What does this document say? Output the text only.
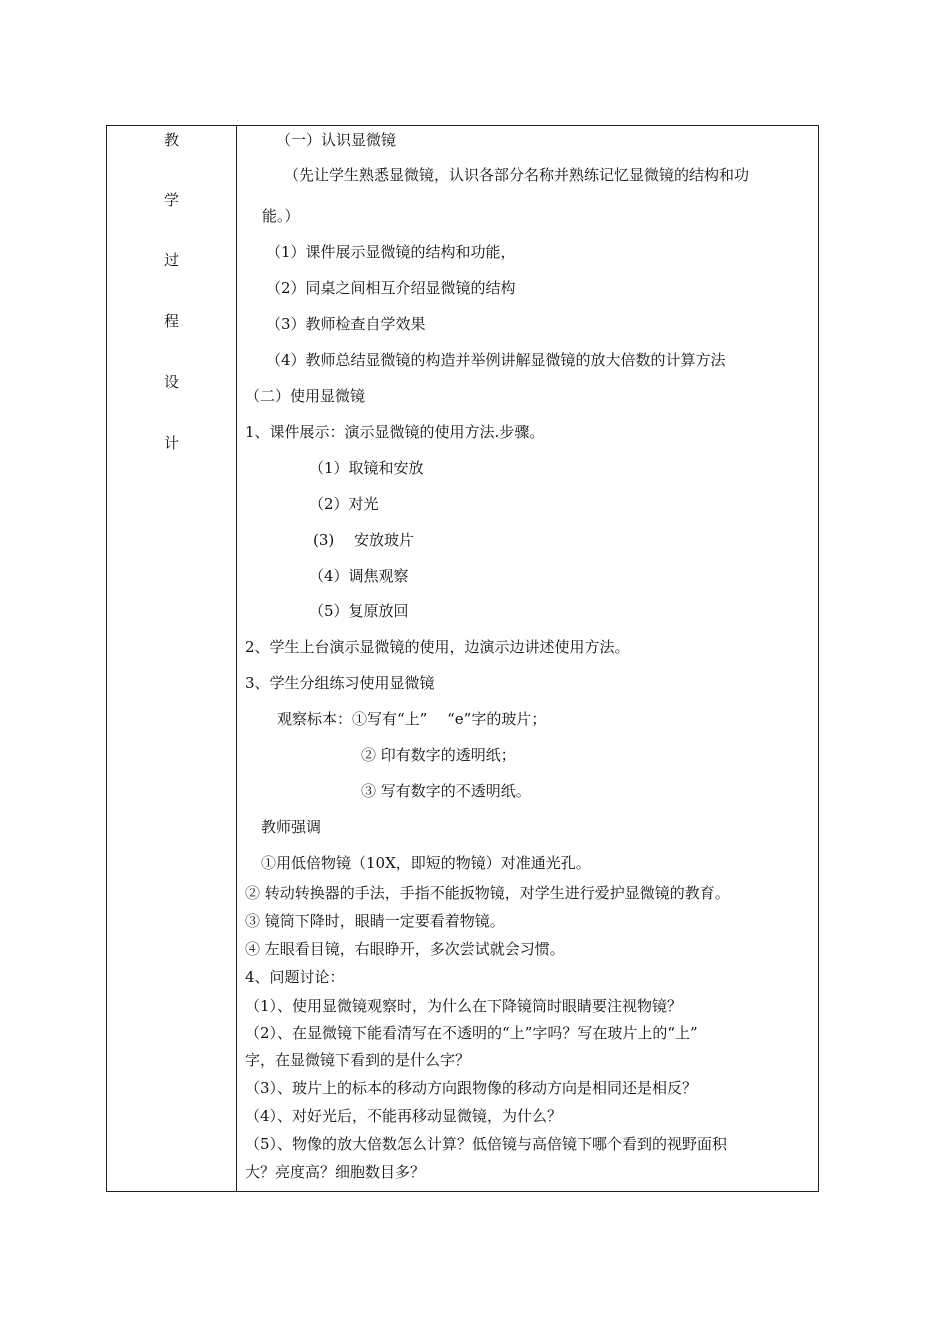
教
学
过
程
设
计
（一）认识显微镜
（先让学生熟悉显微镜，认识各部分名称并熟练记忆显微镜的结构和功
能。）
（1）课件展示显微镜的结构和功能，
（2）同桌之间相互介绍显微镜的结构
（3）教师检查自学效果
（4）教师总结显微镜的构造并举例讲解显微镜的放大倍数的计算方法
（二）使用显微镜
1、课件展示：演示显微镜的使用方法.步骤。
（1）取镜和安放
（2）对光
(3)　 安放玻片
（4）调焦观察
（5）复原放回
2、学生上台演示显微镜的使用，边演示边讲述使用方法。
3、学生分组练习使用显微镜
观察标本：①写有“上”　 “e”字的玻片；
② 印有数字的透明纸；
③ 写有数字的不透明纸。
教师强调
①用低倍物镜（10X，即短的物镜）对准通光孔。
② 转动转换器的手法，手指不能扳物镜，对学生进行爱护显微镜的教育。
③ 镜筒下降时，眼睛一定要看着物镜。
④ 左眼看目镜，右眼睁开，多次尝试就会习惯。
4、问题讨论：
（1）、使用显微镜观察时，为什么在下降镜筒时眼睛要注视物镜？
（2）、在显微镜下能看清写在不透明的“上”字吗？写在玻片上的“上”
字，在显微镜下看到的是什么字？
（3）、玻片上的标本的移动方向跟物像的移动方向是相同还是相反？
（4）、对好光后，不能再移动显微镜，为什么？
（5）、物像的放大倍数怎么计算？低倍镜与高倍镜下哪个看到的视野面积
大？亮度高？细胞数目多？
